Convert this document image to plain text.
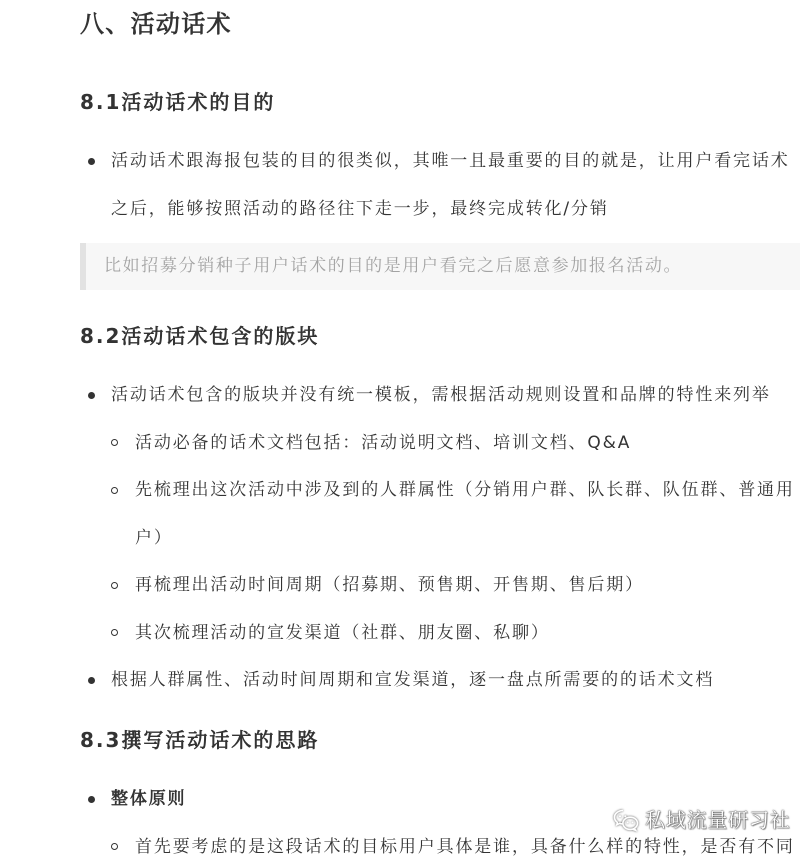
八、活动话术
8.1活动话术的目的
活动话术跟海报包装的目的很类似，其唯一且最重要的目的就是，让用户看完话术
之后，能够按照活动的路径往下走一步，最终完成转化/分销
比如招募分销种子用户话术的目的是用户看完之后愿意参加报名活动。
8.2活动话术包含的版块
活动话术包含的版块并没有统一模板，需根据活动规则设置和品牌的特性来列举
活动必备的话术文档包括：活动说明文档、培训文档、Q&A
先梳理出这次活动中涉及到的人群属性（分销用户群、队长群、队伍群、普通用
户）
再梳理出活动时间周期（招募期、预售期、开售期、售后期）
其次梳理活动的宣发渠道（社群、朋友圈、私聊）
根据人群属性、活动时间周期和宣发渠道，逐一盘点所需要的的话术文档
8.3撰写活动话术的思路
整体原则
首先要考虑的是这段话术的目标用户具体是谁，具备什么样的特性，是否有不同
私域流量研习社
